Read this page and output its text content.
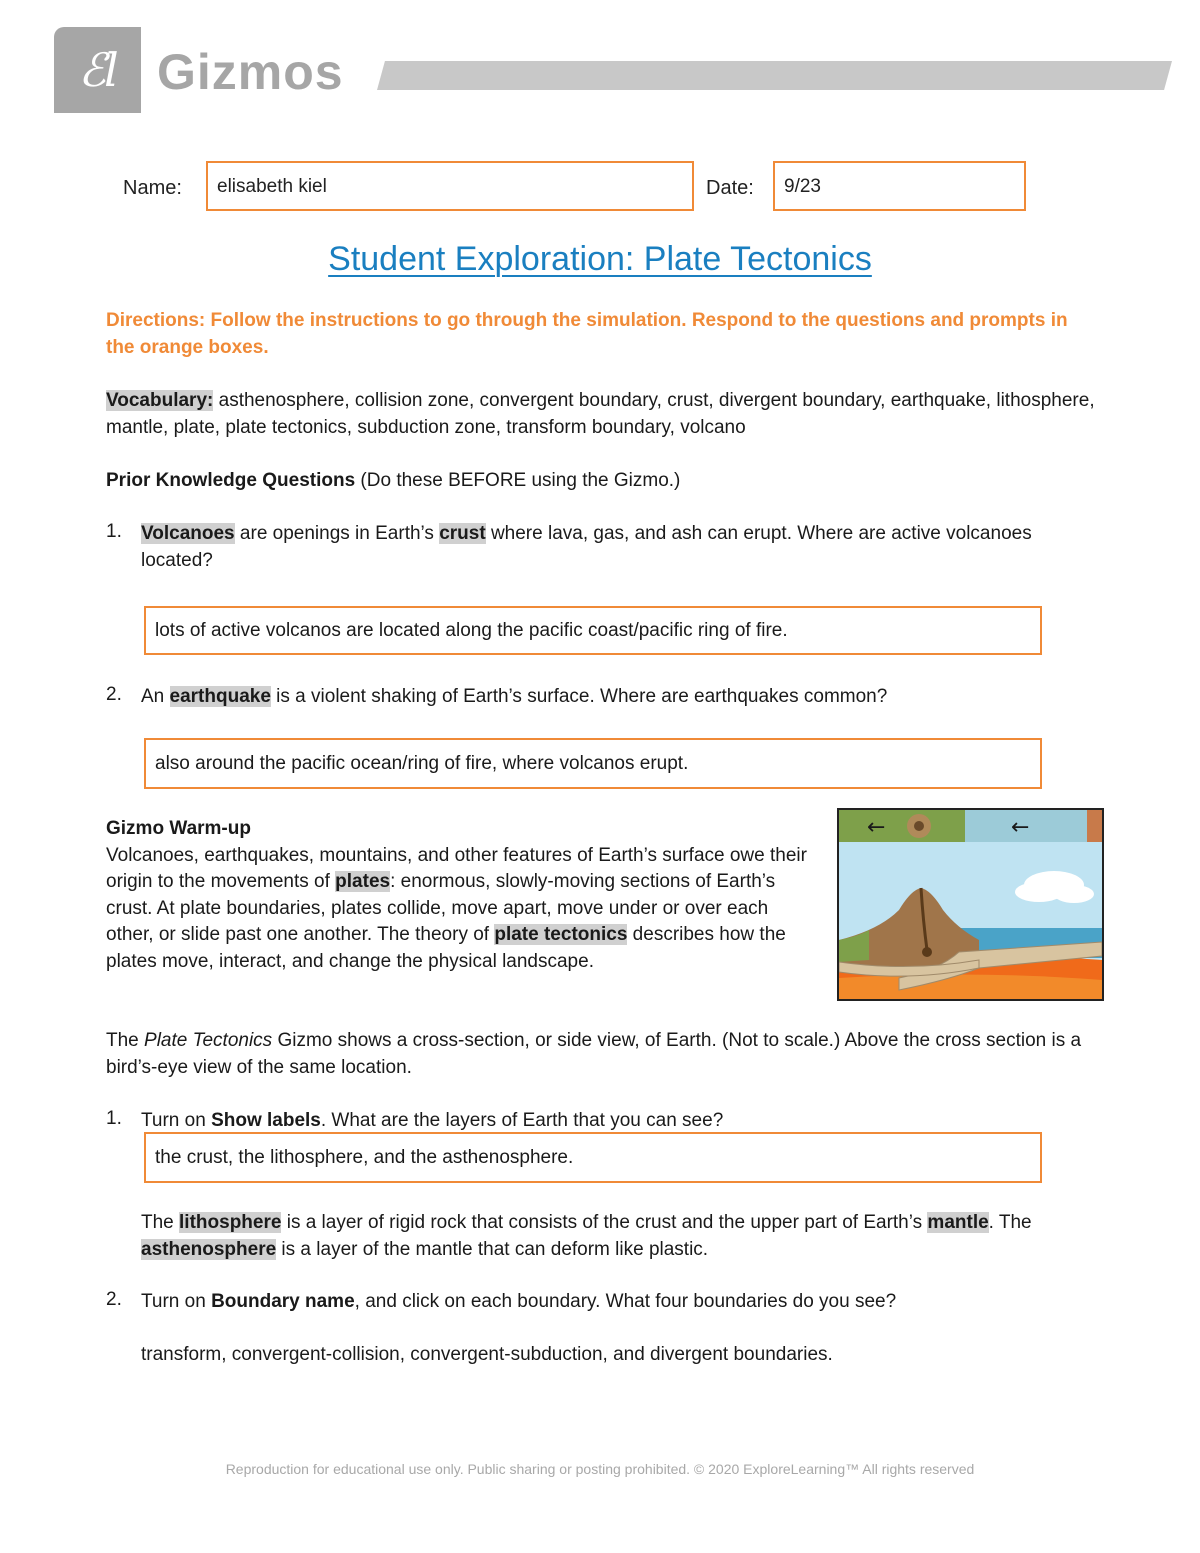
ℰl Gizmos
Name:	elisabeth kiel	Date:	9/23
Student Exploration: Plate Tectonics
Directions: Follow the instructions to go through the simulation. Respond to the questions and prompts in the orange boxes.
Vocabulary: asthenosphere, collision zone, convergent boundary, crust, divergent boundary, earthquake, lithosphere, mantle, plate, plate tectonics, subduction zone, transform boundary, volcano
Prior Knowledge Questions (Do these BEFORE using the Gizmo.)
1. Volcanoes are openings in Earth’s crust where lava, gas, and ash can erupt. Where are active volcanoes located?
lots of active volcanos are located along the pacific coast/pacific ring of fire.
2. An earthquake is a violent shaking of Earth’s surface. Where are earthquakes common?
also around the pacific ocean/ring of fire, where volcanos erupt.
Gizmo Warm-up
Volcanoes, earthquakes, mountains, and other features of Earth’s surface owe their origin to the movements of plates: enormous, slowly-moving sections of Earth’s crust. At plate boundaries, plates collide, move apart, move under or over each other, or slide past one another. The theory of plate tectonics describes how the plates move, interact, and change the physical landscape.
←	←
The Plate Tectonics Gizmo shows a cross-section, or side view, of Earth. (Not to scale.) Above the cross section is a bird’s-eye view of the same location.
1. Turn on Show labels. What are the layers of Earth that you can see?
the crust, the lithosphere, and the asthenosphere.
The lithosphere is a layer of rigid rock that consists of the crust and the upper part of Earth’s mantle. The asthenosphere is a layer of the mantle that can deform like plastic.
2. Turn on Boundary name, and click on each boundary. What four boundaries do you see?
transform, convergent-collision, convergent-subduction, and divergent boundaries.
Reproduction for educational use only. Public sharing or posting prohibited. © 2020 ExploreLearning™ All rights reserved
